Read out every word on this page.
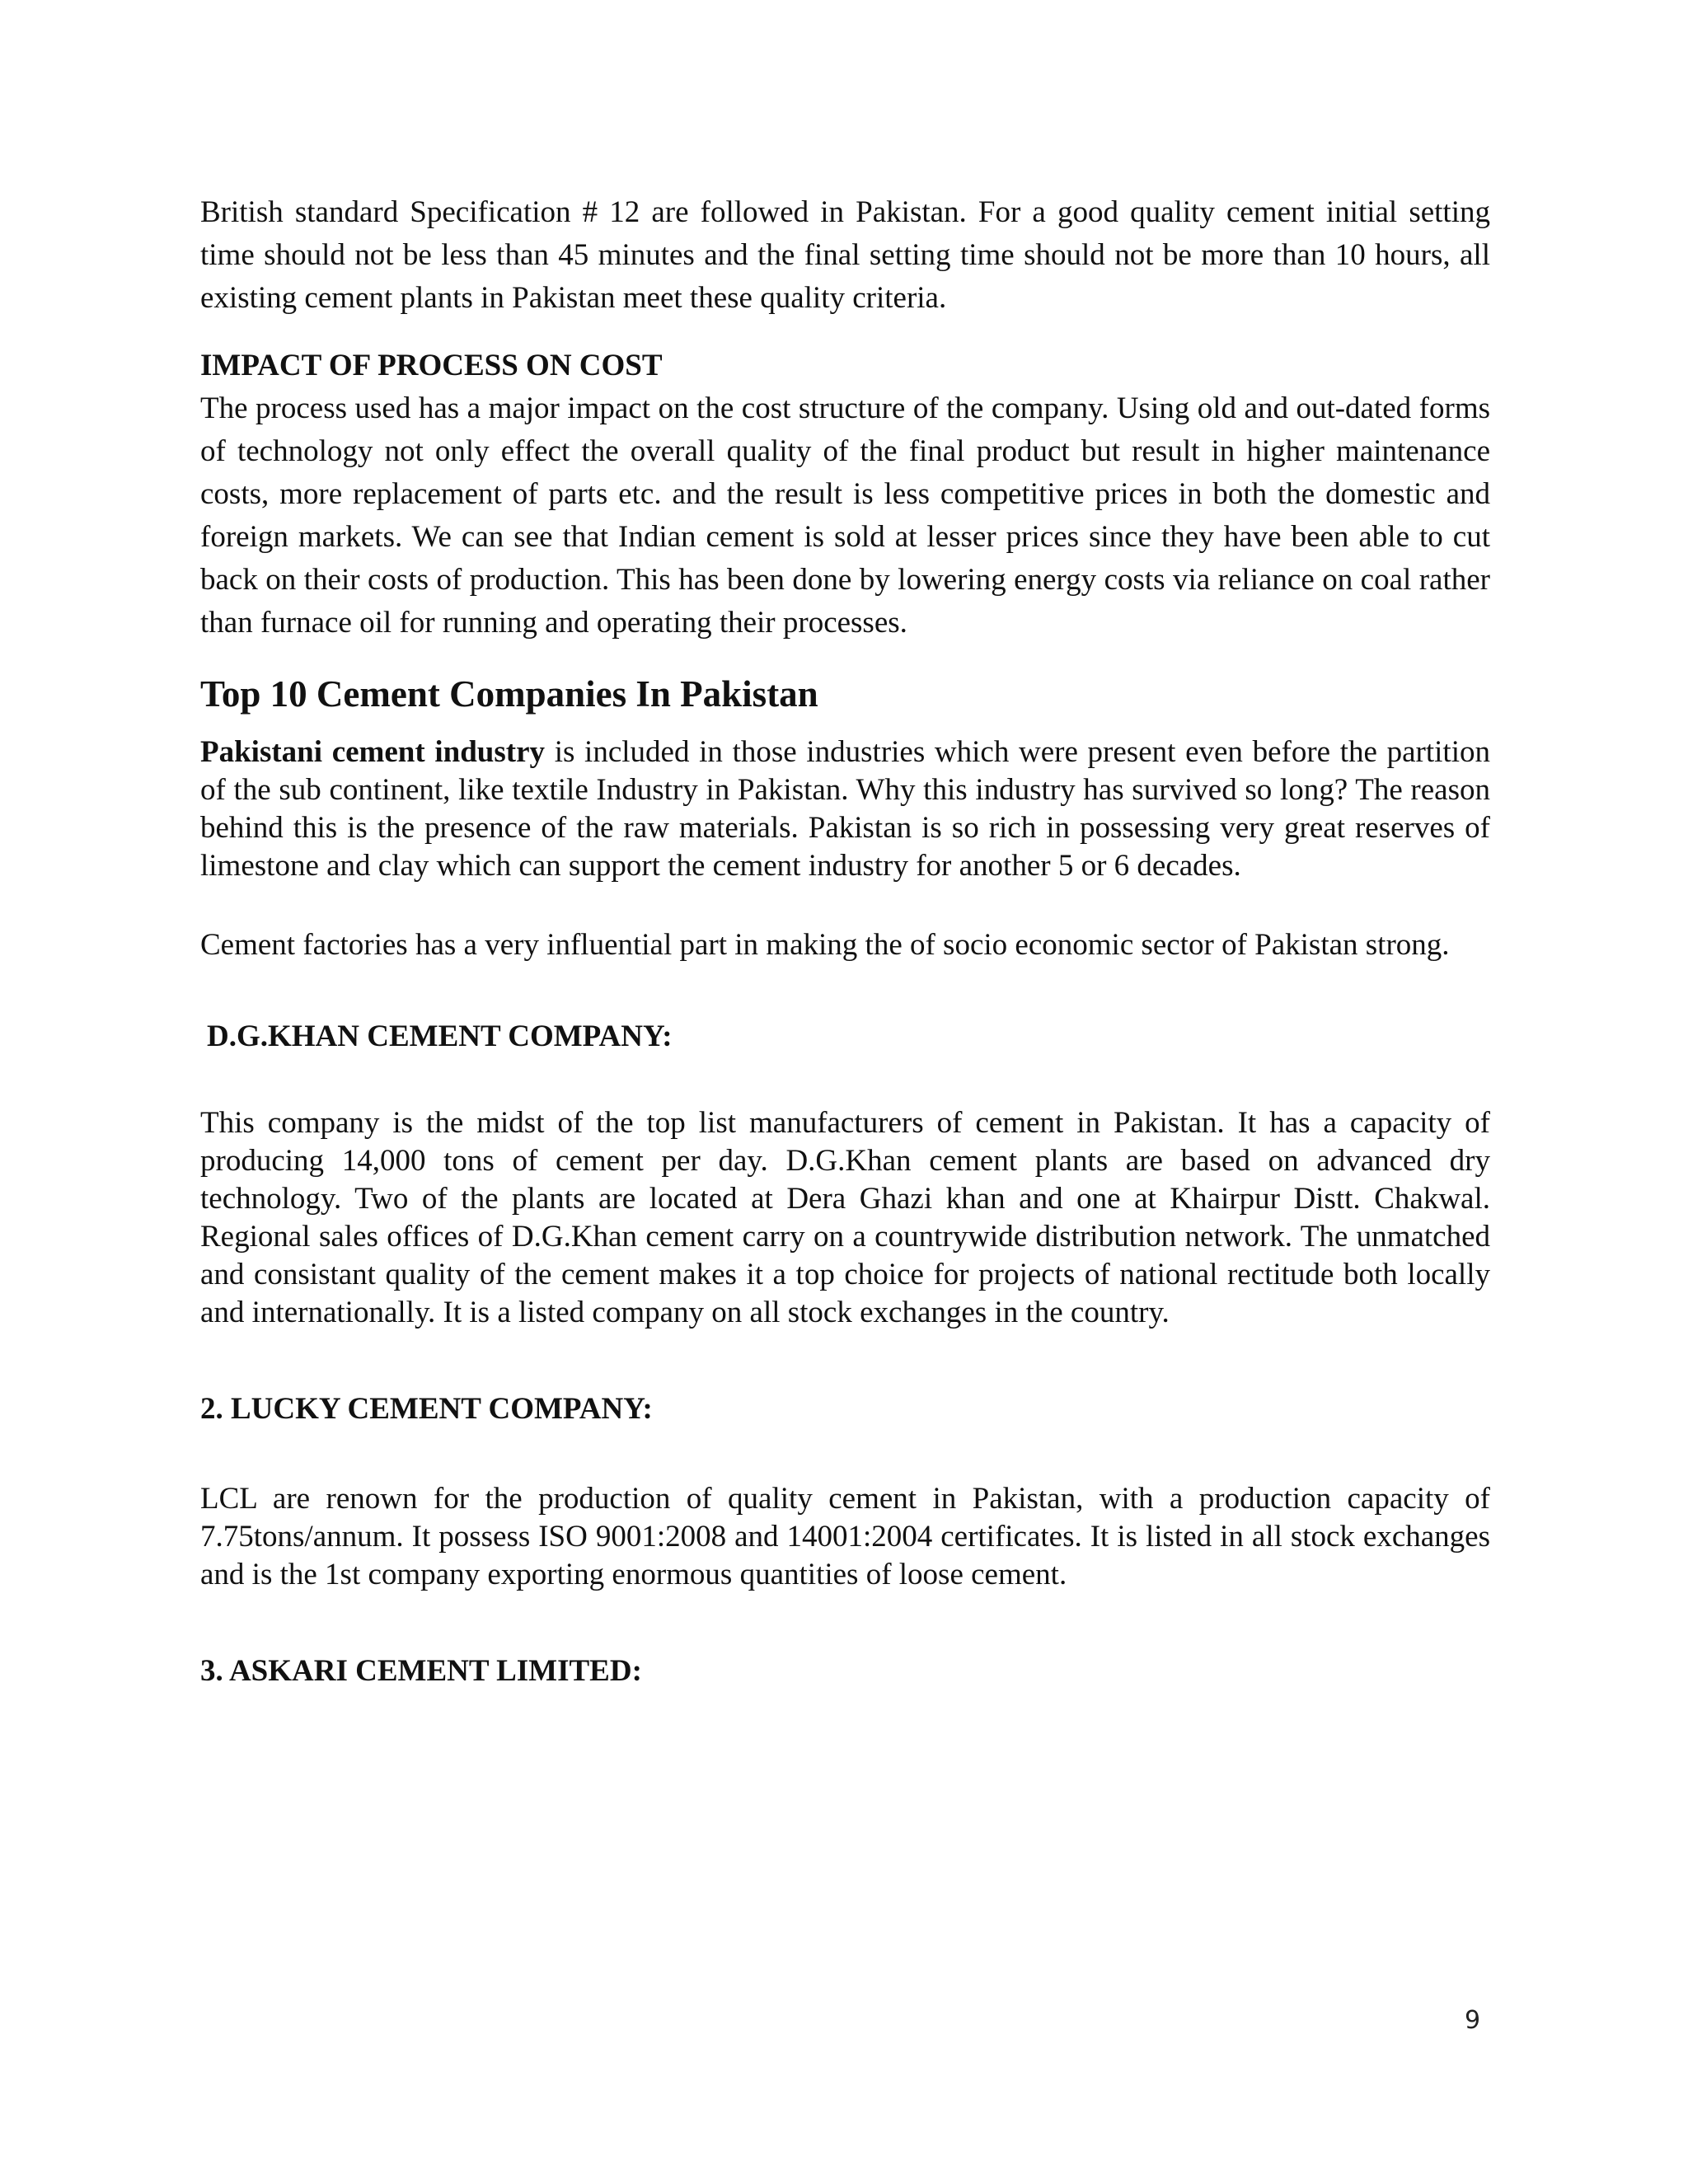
British standard Specification # 12 are followed in Pakistan. For a good quality cement initial setting time should not be less than 45 minutes and the final setting time should not be more than 10 hours, all existing cement plants in Pakistan meet these quality criteria.

IMPACT OF PROCESS ON COST

The process used has a major impact on the cost structure of the company. Using old and out-dated forms of technology not only effect the overall quality of the final product but result in higher maintenance costs, more replacement of parts etc. and the result is less competitive prices in both the domestic and foreign markets. We can see that Indian cement is sold at lesser prices since they have been able to cut back on their costs of production. This has been done by lowering energy costs via reliance on coal rather than furnace oil for running and operating their processes.

Top 10 Cement Companies In Pakistan

Pakistani cement industry is included in those industries which were present even before the partition of the sub continent, like textile Industry in Pakistan. Why this industry has survived so long? The reason behind this is the presence of the raw materials. Pakistan is so rich in possessing very great reserves of limestone and clay which can support the cement industry for another 5 or 6 decades.

Cement factories has a very influential part in making the of socio economic sector of Pakistan strong.

D.G.KHAN CEMENT COMPANY:

This company is the midst of the top list manufacturers of cement in Pakistan. It has a capacity of producing 14,000 tons of cement per day. D.G.Khan cement plants are based on advanced dry technology. Two of the plants are located at Dera Ghazi khan and one at Khairpur Distt. Chakwal. Regional sales offices of D.G.Khan cement carry on a countrywide distribution network. The unmatched and consistant quality of the cement makes it a top choice for projects of national rectitude both locally and internationally. It is a listed company on all stock exchanges in the country.

2. LUCKY CEMENT COMPANY:

LCL are renown for the production of quality cement in Pakistan, with a production capacity of 7.75tons/annum. It possess ISO 9001:2008 and 14001:2004 certificates. It is listed in all stock exchanges and is the 1st company exporting enormous quantities of loose cement.

3. ASKARI CEMENT LIMITED:
9
